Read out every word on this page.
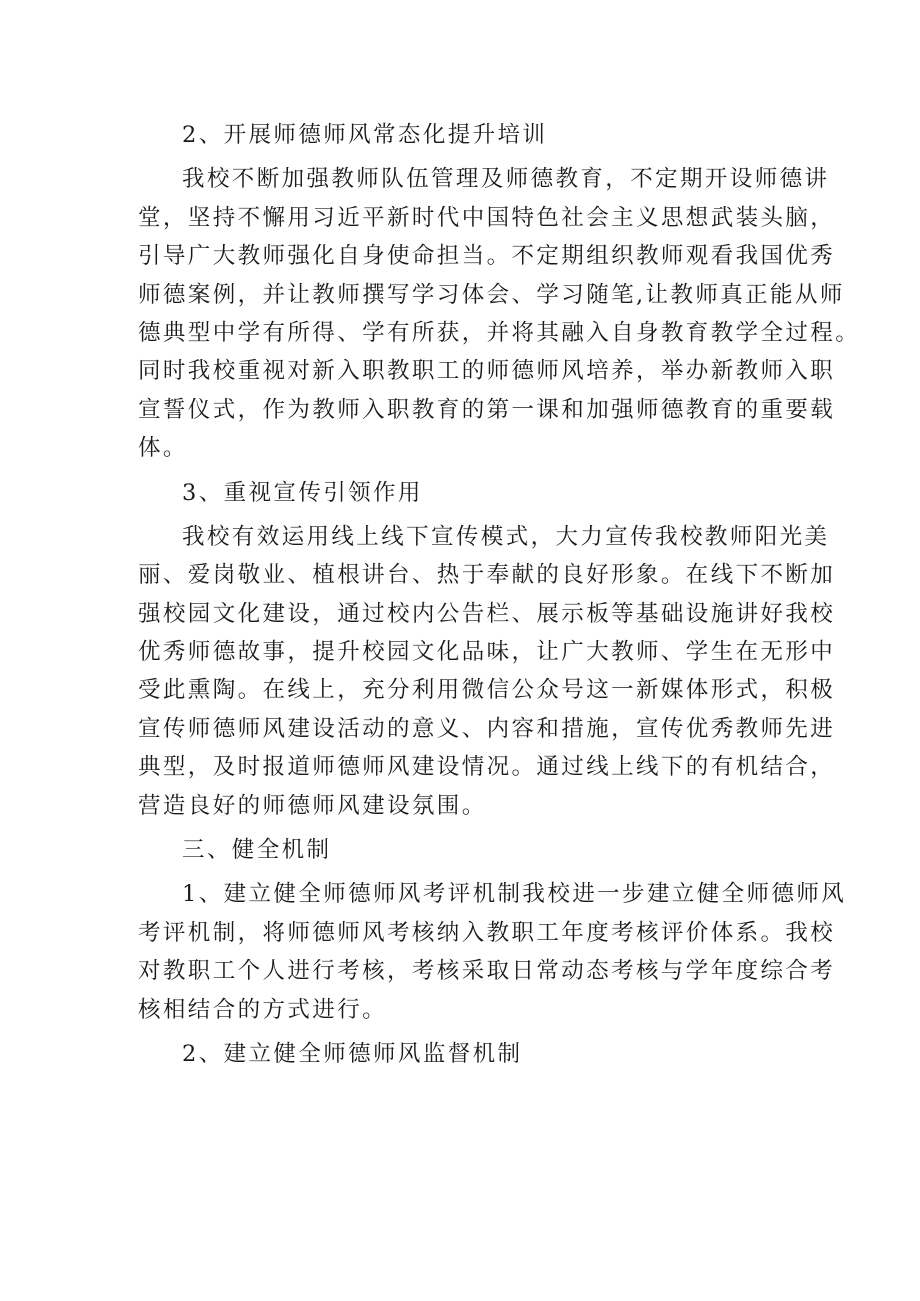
2、开展师德师风常态化提升培训
我校不断加强教师队伍管理及师德教育，不定期开设师德讲
堂，坚持不懈用习近平新时代中国特色社会主义思想武装头脑，
引导广大教师强化自身使命担当。不定期组织教师观看我国优秀
师德案例，并让教师撰写学习体会、学习随笔,让教师真正能从师
德典型中学有所得、学有所获，并将其融入自身教育教学全过程。
同时我校重视对新入职教职工的师德师风培养，举办新教师入职
宣誓仪式，作为教师入职教育的第一课和加强师德教育的重要载
体。
3、重视宣传引领作用
我校有效运用线上线下宣传模式，大力宣传我校教师阳光美
丽、爱岗敬业、植根讲台、热于奉献的良好形象。在线下不断加
强校园文化建设，通过校内公告栏、展示板等基础设施讲好我校
优秀师德故事，提升校园文化品味，让广大教师、学生在无形中
受此熏陶。在线上，充分利用微信公众号这一新媒体形式，积极
宣传师德师风建设活动的意义、内容和措施，宣传优秀教师先进
典型，及时报道师德师风建设情况。通过线上线下的有机结合，
营造良好的师德师风建设氛围。
三、健全机制
1、建立健全师德师风考评机制我校进一步建立健全师德师风
考评机制，将师德师风考核纳入教职工年度考核评价体系。我校
对教职工个人进行考核，考核采取日常动态考核与学年度综合考
核相结合的方式进行。
2、建立健全师德师风监督机制
